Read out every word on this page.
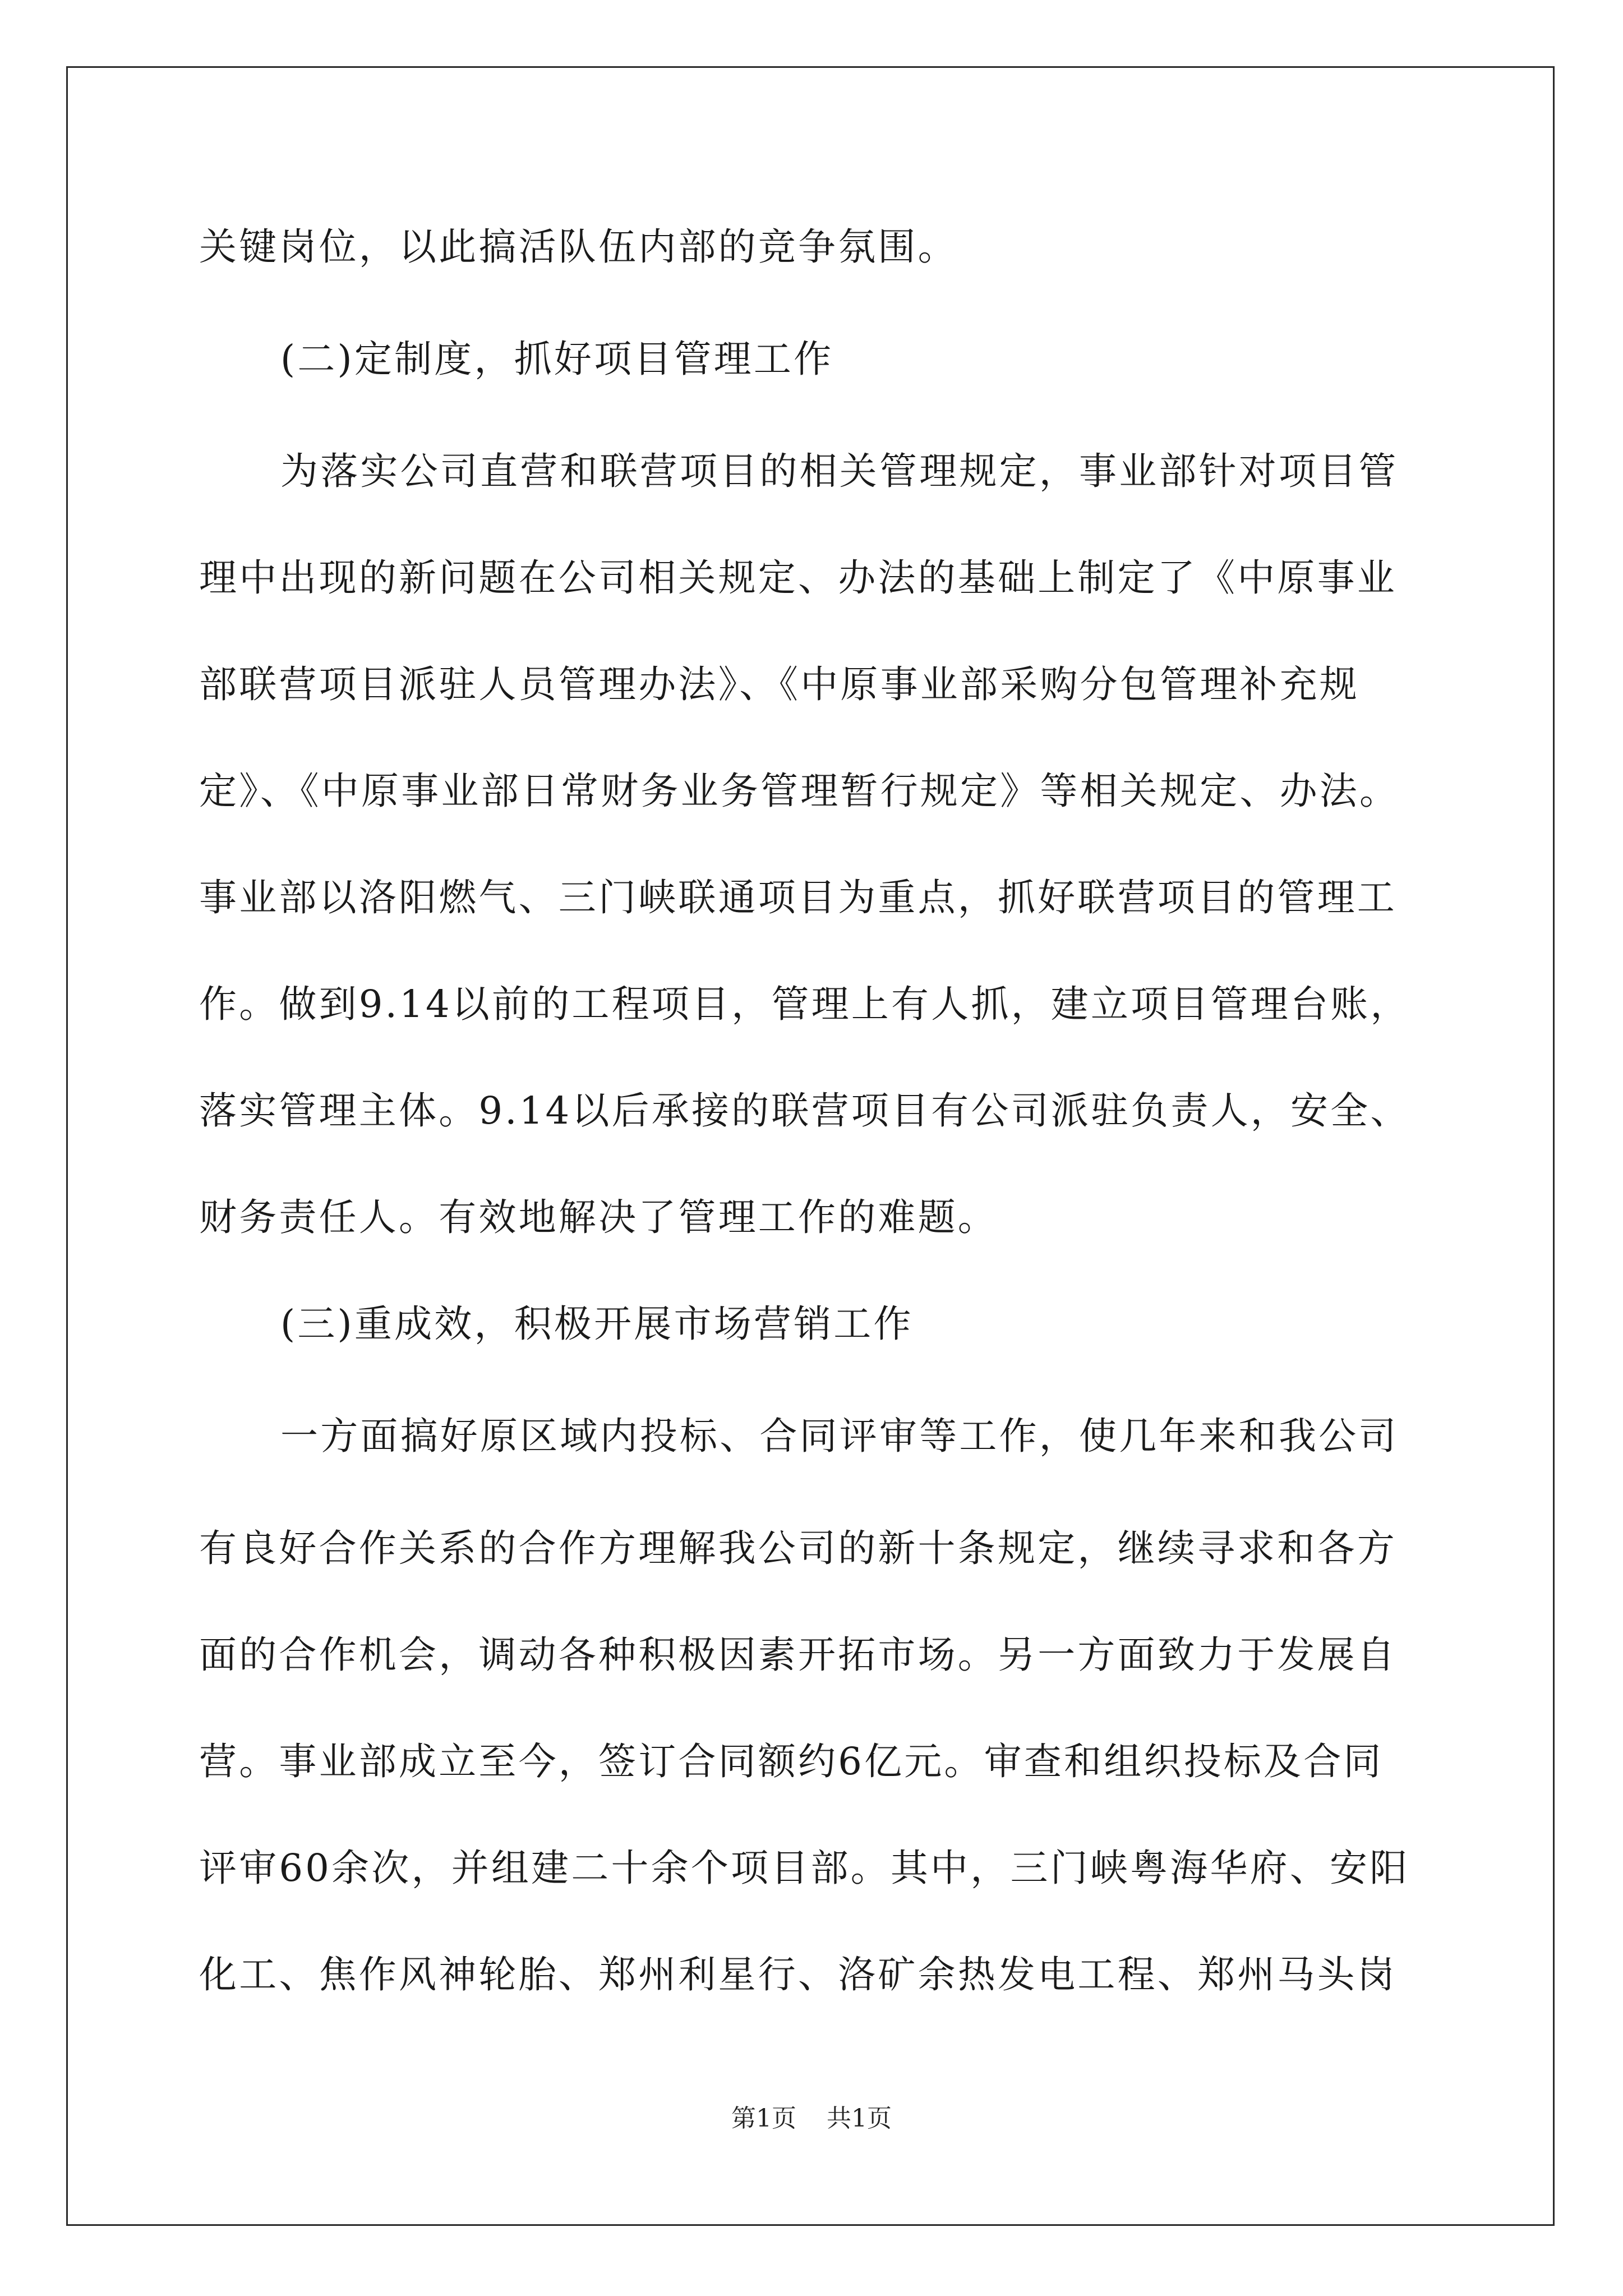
关键岗位，以此搞活队伍内部的竞争氛围。
(二)定制度，抓好项目管理工作
为落实公司直营和联营项目的相关管理规定，事业部针对项目管
理中出现的新问题在公司相关规定、办法的基础上制定了《中原事业
部联营项目派驻人员管理办法》、《中原事业部采购分包管理补充规
定》、《中原事业部日常财务业务管理暂行规定》等相关规定、办法。
事业部以洛阳燃气、三门峡联通项目为重点，抓好联营项目的管理工
作。做到9.14以前的工程项目，管理上有人抓，建立项目管理台账，
落实管理主体。9.14以后承接的联营项目有公司派驻负责人，安全、
财务责任人。有效地解决了管理工作的难题。
(三)重成效，积极开展市场营销工作
一方面搞好原区域内投标、合同评审等工作，使几年来和我公司
有良好合作关系的合作方理解我公司的新十条规定，继续寻求和各方
面的合作机会，调动各种积极因素开拓市场。另一方面致力于发展自
营。事业部成立至今，签订合同额约6亿元。审查和组织投标及合同
评审60余次，并组建二十余个项目部。其中，三门峡粤海华府、安阳
化工、焦作风神轮胎、郑州利星行、洛矿余热发电工程、郑州马头岗
第1页 共1页
